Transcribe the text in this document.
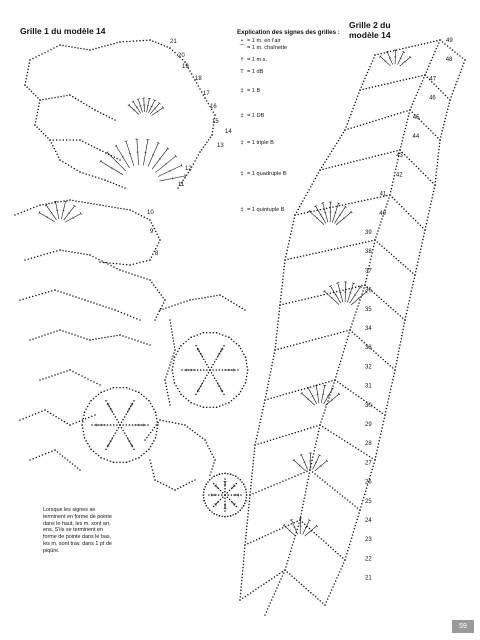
Grille 1 du modèle 14
Grille 2 du
modèle 14
Explication des signes des grilles :
• = 1 m. en l'air
⌒ = 1 m. chaînette
† = 1 m.s.
T = 1 dB
‡ = 1 B
‡ = 1 DB
‡ = 1 triple B
‡ = 1 quadruple B
‡ = 1 quintuple B
Lorsque les signes se
terminent en forme de pointe
dans le haut, les m. sont arr.
ens. S'ils se terminent en
forme de pointe dans le bas,
les m. sont trav. dans 1 pt de
piqûre.
21
20
19
18
17
16
15
14
13
12
11
10
9
8
49
48
47
46
45
44
43
42
41
40
39
38
37
36
35
34
33
32
31
30
29
28
27
26
25
24
23
22
21
59
